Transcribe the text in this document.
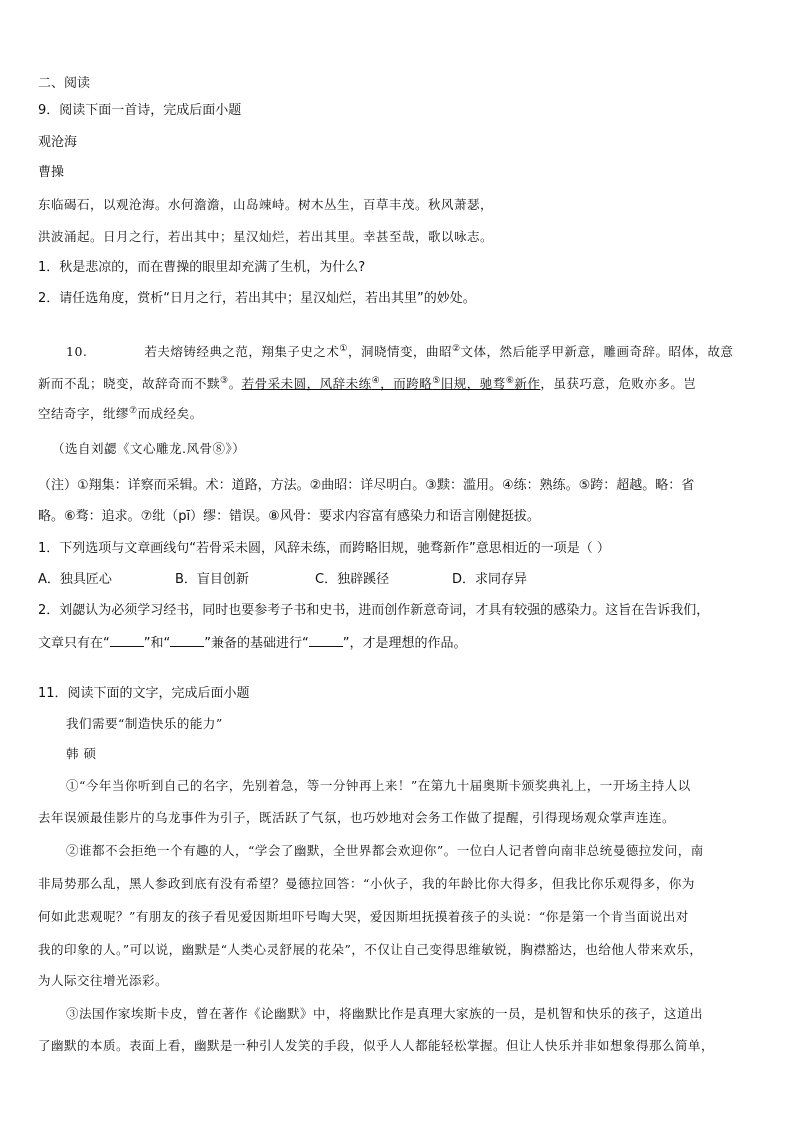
二、阅读
9．阅读下面一首诗，完成后面小题
观沧海
曹操
东临碣石，以观沧海。水何澹澹，山岛竦峙。树木丛生，百草丰茂。秋风萧瑟，
洪波涌起。日月之行，若出其中；星汉灿烂，若出其里。幸甚至哉，歌以咏志。
1．秋是悲凉的，而在曹操的眼里却充满了生机，为什么?
2．请任选角度，赏析“日月之行，若出其中；星汉灿烂，若出其里”的妙处。
10.	若夫熔铸经典之范，翔集子史之术①，洞晓情变，曲昭②文体，然后能孚甲新意，雕画奇辞。昭体，故意
新而不乱；晓变，故辞奇而不黩③。若骨采未圆，风辞未练④，而跨略⑤旧规，驰骛⑥新作，虽获巧意，危败亦多。岂
空结奇字，纰缪⑦而成经矣。
（选自刘勰《文心雕龙.风骨⑧》）
（注）①翔集：详察而采辑。术：道路，方法。②曲昭：详尽明白。③黩：滥用。④练：熟练。⑤跨：超越。略：省
略。⑥骛：追求。⑦纰（pī）缪：错误。⑧风骨：要求内容富有感染力和语言刚健挺拔。
1．下列选项与文章画线句“若骨采未圆，风辞未练，而跨略旧规，驰骛新作”意思相近的一项是（ ）
A．独具匠心	B．盲目创新	C．独辟蹊径	D．求同存异
2．刘勰认为必须学习经书，同时也要参考子书和史书，进而创作新意奇词，才具有较强的感染力。这旨在告诉我们，
文章只有在“	”和“	”兼备的基础进行“	”，才是理想的作品。
11．阅读下面的文字，完成后面小题
我们需要“制造快乐的能力”
韩 硕
①“今年当你听到自己的名字，先别着急，等一分钟再上来！”在第九十届奥斯卡颁奖典礼上，一开场主持人以
去年误颁最佳影片的乌龙事件为引子，既活跃了气氛，也巧妙地对会务工作做了提醒，引得现场观众掌声连连。
②谁都不会拒绝一个有趣的人，“学会了幽默，全世界都会欢迎你”。一位白人记者曾向南非总统曼德拉发问，南
非局势那么乱，黑人参政到底有没有希望？曼德拉回答：“小伙子，我的年龄比你大得多，但我比你乐观得多，你为
何如此悲观呢？”有朋友的孩子看见爱因斯坦吓号啕大哭，爱因斯坦抚摸着孩子的头说：“你是第一个肯当面说出对
我的印象的人。”可以说，幽默是“人类心灵舒展的花朵”，不仅让自己变得思维敏锐，胸襟豁达，也给他人带来欢乐，
为人际交往增光添彩。
③法国作家埃斯卡皮，曾在著作《论幽默》中，将幽默比作是真理大家族的一员，是机智和快乐的孩子，这道出
了幽默的本质。表面上看，幽默是一种引人发笑的手段，似乎人人都能轻松掌握。但让人快乐并非如想象得那么简单，
